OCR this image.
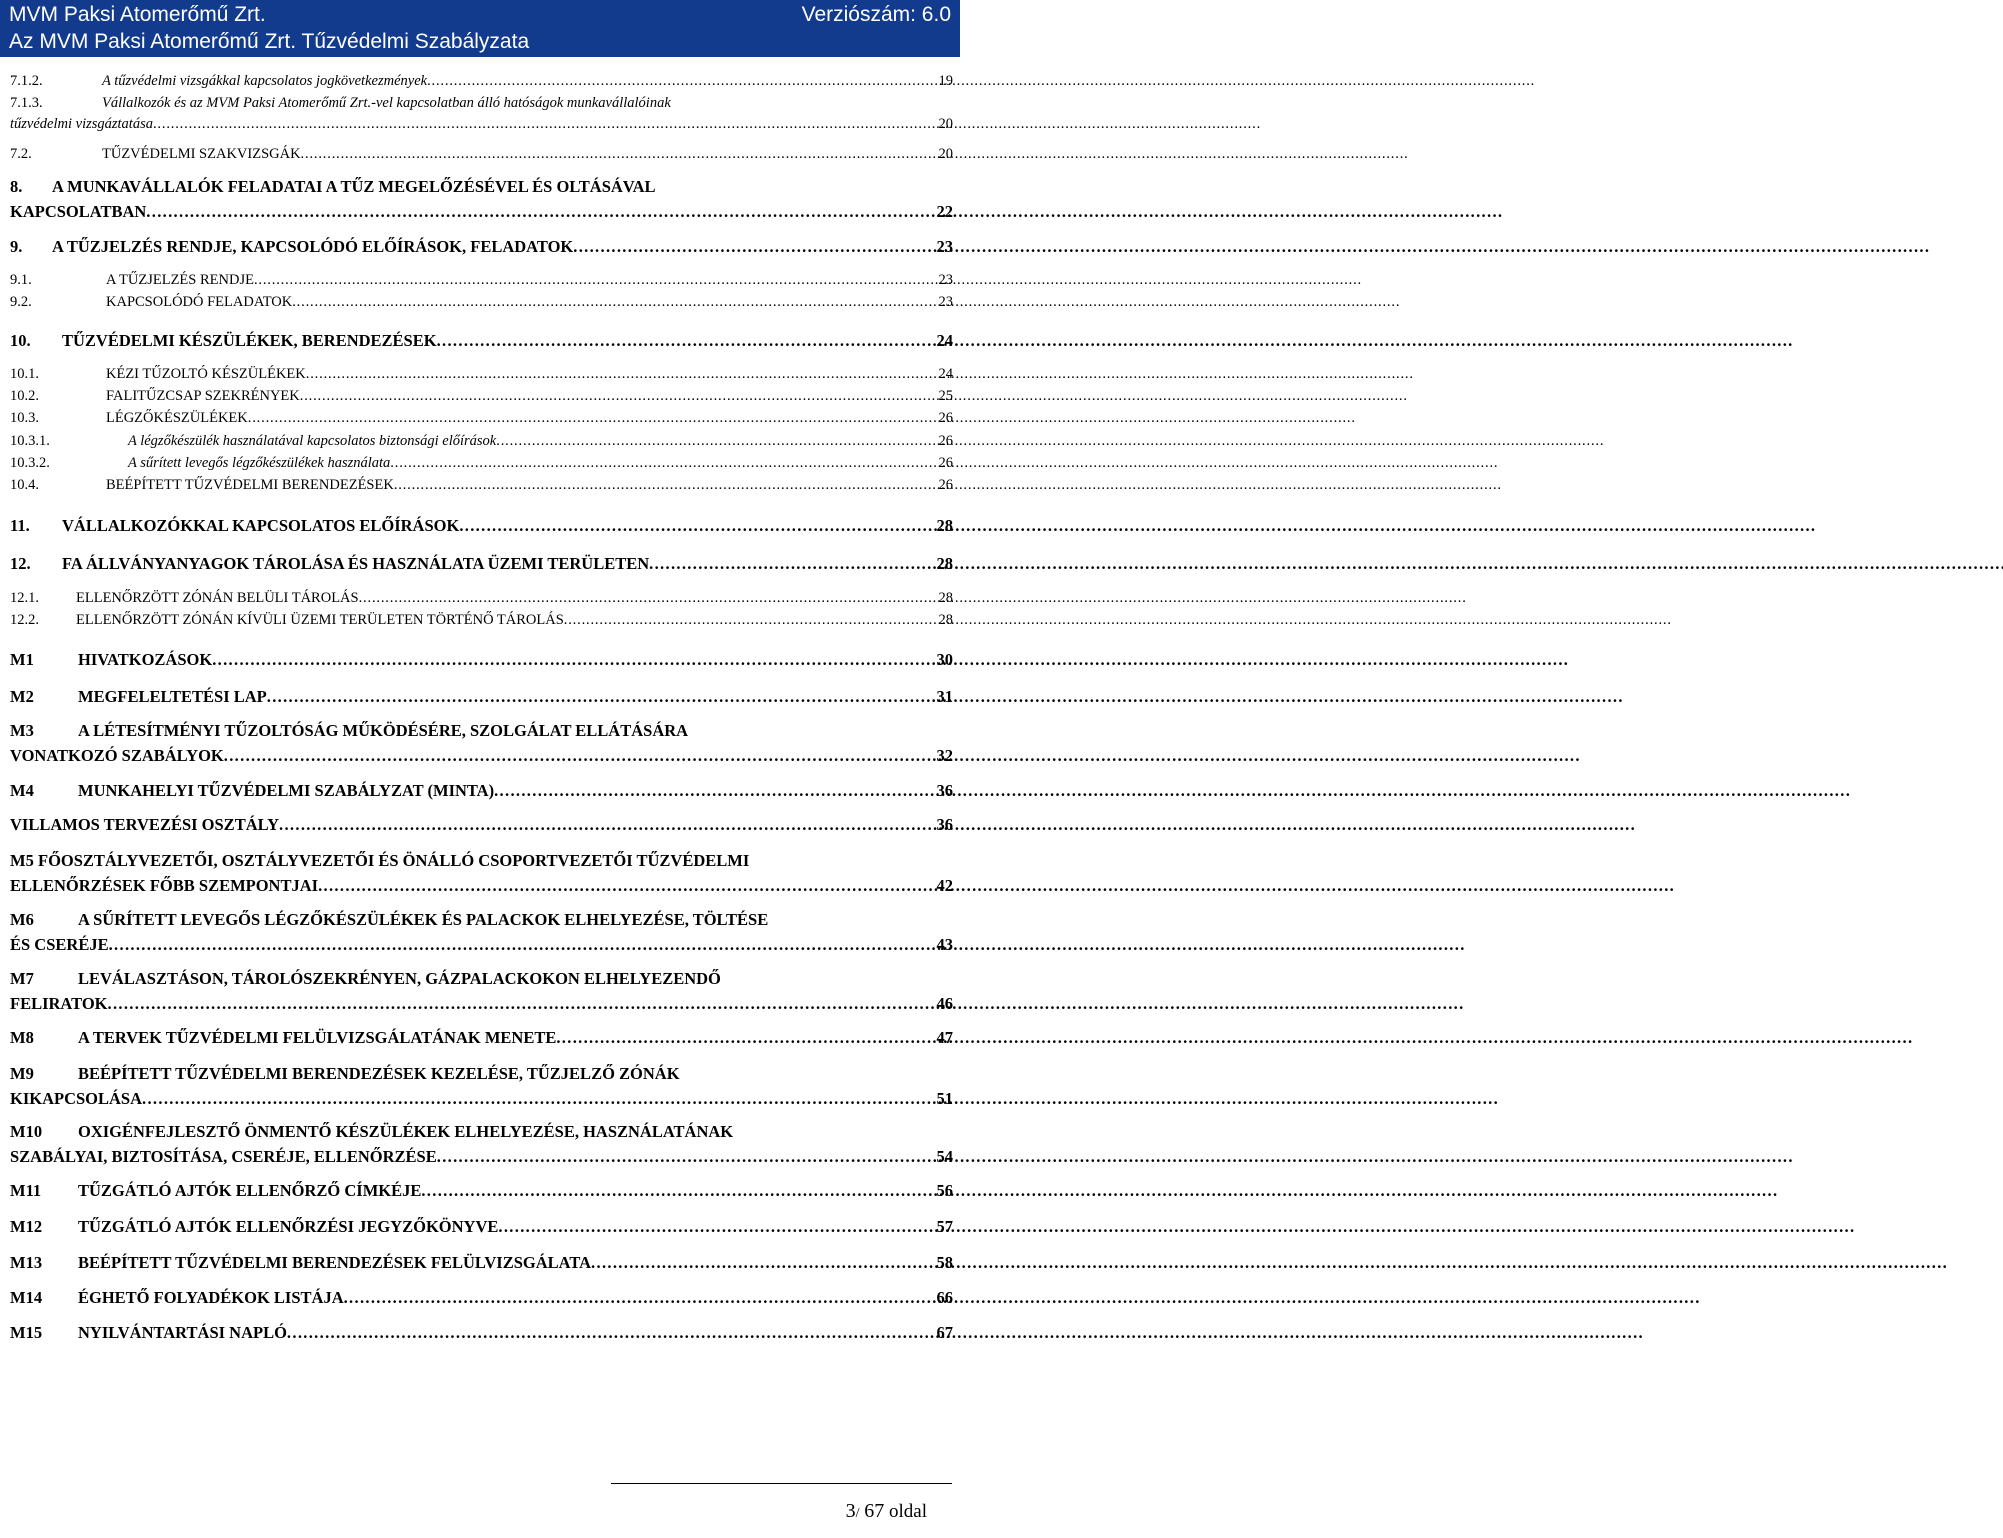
MVM Paksi Atomerőmű Zrt.	Verziószám: 6.0
Az MVM Paksi Atomerőmű Zrt. Tűzvédelmi Szabályzata
7.1.2.	A tűzvédelmi vizsgákkal kapcsolatos jogkövetkezmények . . .	19
7.1.3.	Vállalkozók és az MVM Paksi Atomerőmű Zrt.-vel kapcsolatban álló hatóságok munkavállalóinak
tűzvédelmi vizsgáztatása . . .	20
7.2.	TŰZVÉDELMI SZAKVIZSGÁK . . .	20
8.	A MUNKAVÁLLALÓK FELADATAI A TŰZ MEGELŐZÉSÉVEL ÉS OLTÁSÁVAL
KAPCSOLATBAN . . .	22
9.	A TŰZJELZÉS RENDJE, KAPCSOLÓDÓ ELŐÍRÁSOK, FELADATOK . . .	23
9.1.	A TŰZJELZÉS RENDJE . . .	23
9.2.	KAPCSOLÓDÓ FELADATOK . . .	23
10.	TŰZVÉDELMI KÉSZÜLÉKEK, BERENDEZÉSEK . . .	24
10.1.	KÉZI TŰZOLTÓ KÉSZÜLÉKEK . . .	24
10.2.	FALITŰZCSAP SZEKRÉNYEK . . .	25
10.3.	LÉGZŐKÉSZÜLÉKEK . . .	26
10.3.1.	A légzőkészülék használatával kapcsolatos biztonsági előírások . . .	26
10.3.2.	A sűrített levegős légzőkészülékek használata . . .	26
10.4.	BEÉPÍTETT TŰZVÉDELMI BERENDEZÉSEK . . .	26
11.	VÁLLALKOZÓKKAL KAPCSOLATOS ELŐÍRÁSOK . . .	28
12.	FA ÁLLVÁNYANYAGOK TÁROLÁSA ÉS HASZNÁLATA ÜZEMI TERÜLETEN . . .	28
12.1.	ELLENŐRZÖTT ZÓNÁN BELÜLI TÁROLÁS . . .	28
12.2.	ELLENŐRZÖTT ZÓNÁN KÍVÜLI ÜZEMI TERÜLETEN TÖRTÉNŐ TÁROLÁS . . .	28
M1	HIVATKOZÁSOK . . .	30
M2	MEGFELELTETÉSI LAP . . .	31
M3	A LÉTESÍTMÉNYI TŰZOLTÓSÁG MŰKÖDÉSÉRE, SZOLGÁLAT ELLÁTÁSÁRA
VONATKOZÓ SZABÁLYOK . . .	32
M4	MUNKAHELYI TŰZVÉDELMI SZABÁLYZAT (MINTA) . . .	36
VILLAMOS TERVEZÉSI OSZTÁLY . . .	36
M5 FŐOSZTÁLYVEZETŐI, OSZTÁLYVEZETŐI ÉS ÖNÁLLÓ CSOPORTVEZETŐI TŰZVÉDELMI
ELLENŐRZÉSEK FŐBB SZEMPONTJAI . . .	42
M6	A SŰRÍTETT LEVEGŐS LÉGZŐKÉSZÜLÉKEK ÉS PALACKOK ELHELYEZÉSE, TÖLTÉSE
ÉS CSERÉJE . . .	43
M7	LEVÁLASZTÁSON, TÁROLÓSZEKRÉNYEN, GÁZPALACKOKON ELHELYEZENDŐ
FELIRATOK . . .	46
M8	A TERVEK TŰZVÉDELMI FELÜLVIZSGÁLATÁNAK MENETE . . .	47
M9	BEÉPÍTETT TŰZVÉDELMI BERENDEZÉSEK KEZELÉSE, TŰZJELZŐ ZÓNÁK
KIKAPCSOLÁSA . . .	51
M10	OXIGÉNFEJLESZTŐ ÖNMENTŐ KÉSZÜLÉKEK ELHELYEZÉSE, HASZNÁLATÁNAK
SZABÁLYAI, BIZTOSÍTÁSA, CSERÉJE, ELLENŐRZÉSE . . .	54
M11	TŰZGÁTLÓ AJTÓK ELLENŐRZŐ CÍMKÉJE . . .	56
M12	TŰZGÁTLÓ AJTÓK ELLENŐRZÉSI JEGYZŐKÖNYVE . . .	57
M13	BEÉPÍTETT TŰZVÉDELMI BERENDEZÉSEK FELÜLVIZSGÁLATA . . .	58
M14	ÉGHETŐ FOLYADÉKOK LISTÁJA . . .	66
M15	NYILVÁNTARTÁSI NAPLÓ . . .	67
3/ 67 oldal
